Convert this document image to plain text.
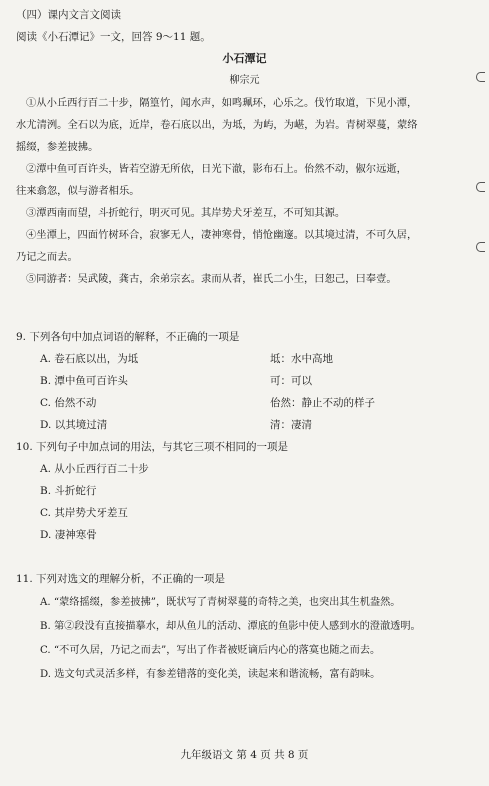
（四）课内文言文阅读
阅读《小石潭记》一文，回答 9～11 题。
小石潭记
柳宗元
①从小丘西行百二十步，隔篁竹，闻水声，如鸣珮环，心乐之。伐竹取道，下见小潭，
水尤清洌。全石以为底，近岸，卷石底以出，为坻，为屿，为嵁，为岩。青树翠蔓，蒙络
摇缀，参差披拂。
②潭中鱼可百许头，皆若空游无所依，日光下澈，影布石上。佁然不动，俶尔远逝，
往来翕忽，似与游者相乐。
③潭西南而望，斗折蛇行，明灭可见。其岸势犬牙差互，不可知其源。
④坐潭上，四面竹树环合，寂寥无人，凄神寒骨，悄怆幽邃。以其境过清，不可久居，
乃记之而去。
⑤同游者：吴武陵，龚古，余弟宗玄。隶而从者，崔氏二小生，曰恕己，曰奉壹。
9. 下列各句中加点词语的解释，不正确的一项是
A. 卷石底以出，为坻	坻：水中高地
B. 潭中鱼可百许头	可：可以
C. 佁然不动	佁然：静止不动的样子
D. 以其境过清	清：凄清
10. 下列句子中加点词的用法，与其它三项不相同的一项是
A. 从小丘西行百二十步
B. 斗折蛇行
C. 其岸势犬牙差互
D. 凄神寒骨
11. 下列对选文的理解分析，不正确的一项是
A. “蒙络摇缀，参差披拂”，既状写了青树翠蔓的奇特之美，也突出其生机盎然。
B. 第②段没有直接描摹水，却从鱼儿的活动、潭底的鱼影中使人感到水的澄澈透明。
C. “不可久居，乃记之而去”，写出了作者被贬谪后内心的落寞也随之而去。
D. 选文句式灵活多样，有参差错落的变化美，读起来和谐流畅，富有韵味。
九年级语文 第 4 页 共 8 页
